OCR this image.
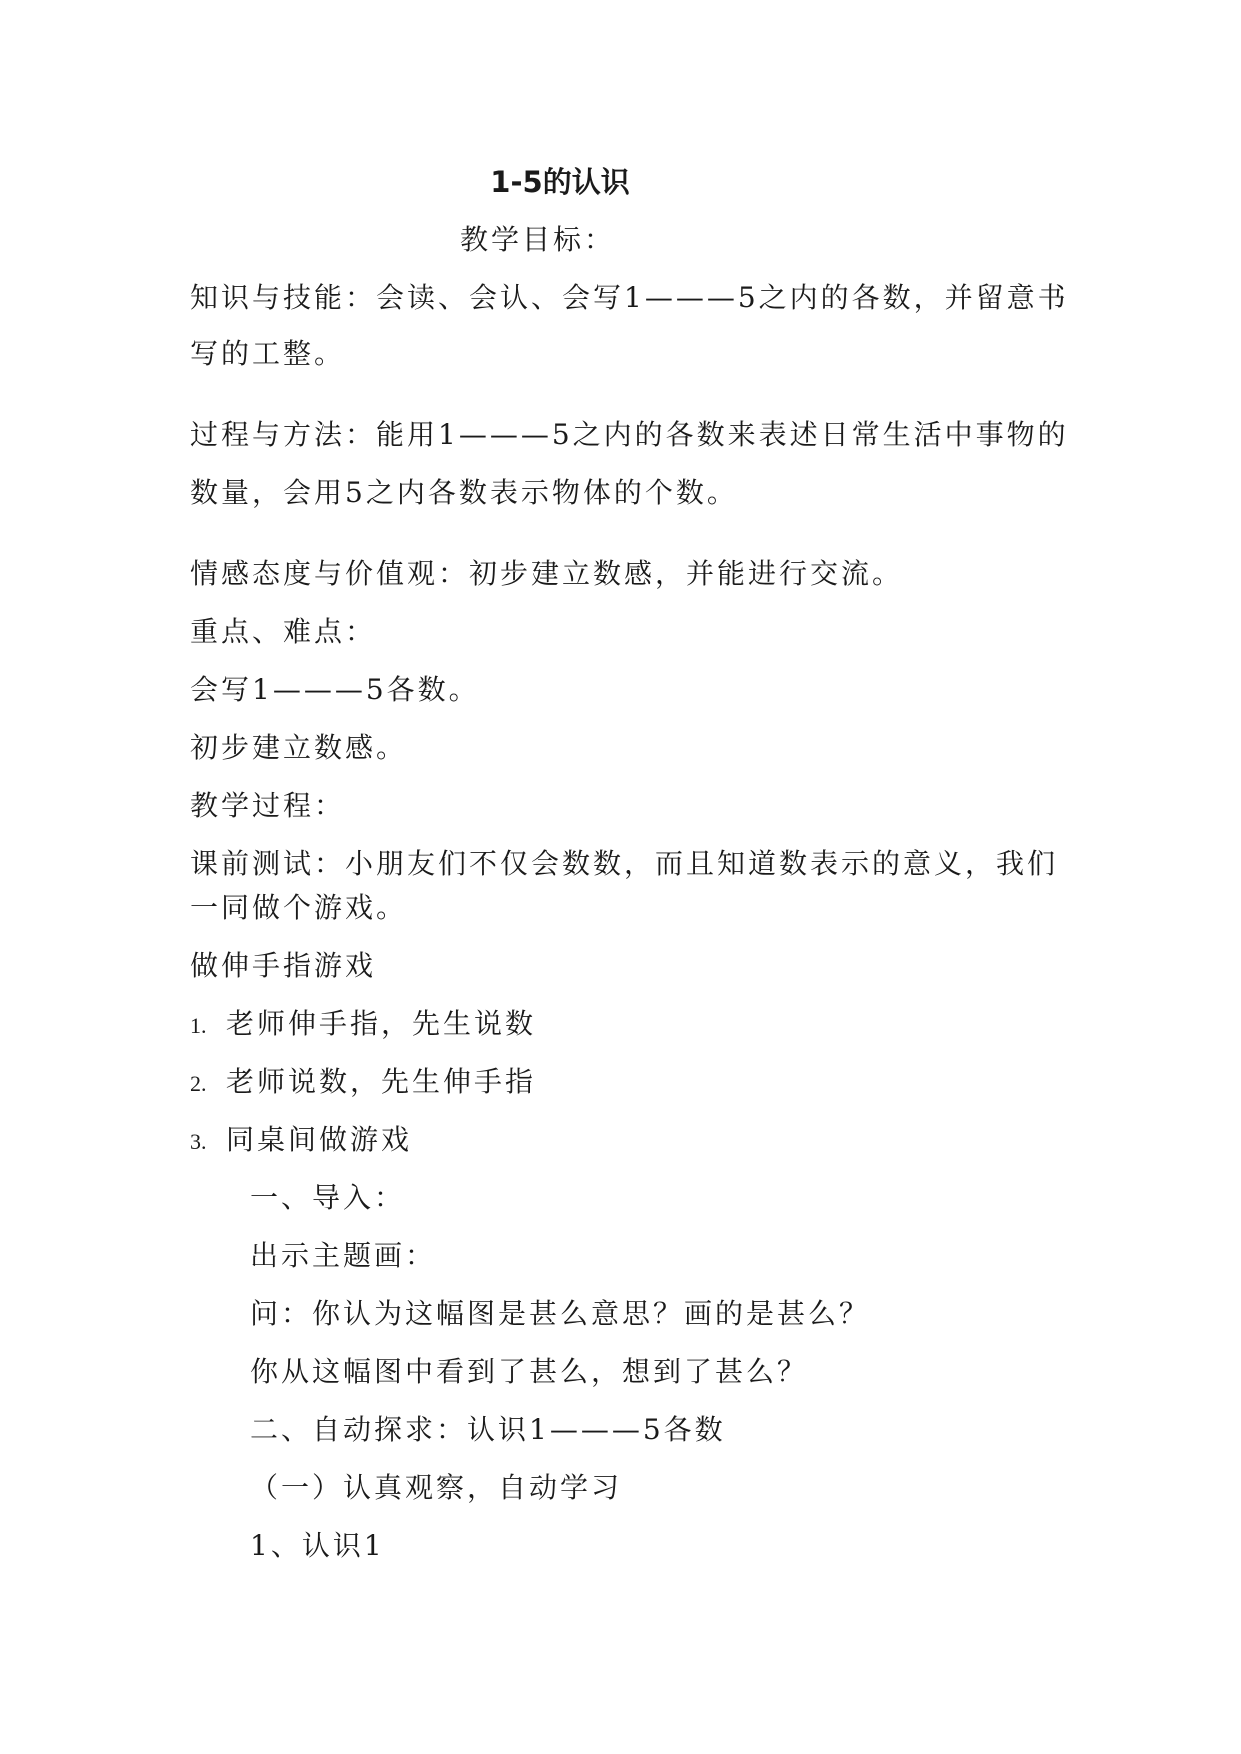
1-5的认识
教学目标：
知识与技能：会读、会认、会写1———5之内的各数，并留意书
写的工整。
过程与方法：能用1———5之内的各数来表述日常生活中事物的
数量，会用5之内各数表示物体的个数。
情感态度与价值观：初步建立数感，并能进行交流。
重点、难点：
会写1———5各数。
初步建立数感。
教学过程：
课前测试：小朋友们不仅会数数，而且知道数表示的意义，我们
一同做个游戏。
做伸手指游戏
1. 老师伸手指，先生说数
2. 老师说数，先生伸手指
3. 同桌间做游戏
一、导入：
出示主题画：
问：你认为这幅图是甚么意思？画的是甚么？
你从这幅图中看到了甚么，想到了甚么？
二、自动探求：认识1———5各数
（一）认真观察，自动学习
1、认识1
